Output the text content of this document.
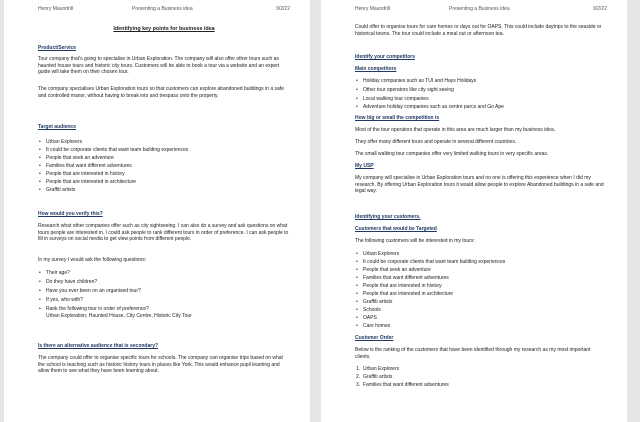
Henry Maundrill	Presenting a Business idea	9/2/22
Identifying key points for business idea
Product/Service
Tour company that's going to specialise in Urban Exploration. The company will also offer other tours such as haunted house tours and historic city tours. Customers will be able to book a tour via a website and an expert guide will take them on their chosen tour.
The company specialises Urban Exploration tours so that customers can explore abandoned buildings in a safe and controlled manor, without having to break into and trespass onto the property.
Target audience
• Urban Explorers
• It could be corporate clients that want team building experiences
• People that seek an adventure
• Families that want different adventures
• People that are interested in history
• People that are interested in architecture
• Graffiti artists
How would you verify this?
Research what other companies offer such as city sightseeing. I can also do a survey and ask questions on what tours people are interested in. I could ask people to rank different tours in order of preference. I can ask people to fill in surveys on social media to get view points from different people.
In my survey I would ask the following questions:
• Their age?
• Do they have children?
• Have you ever been on an organised tour?
• If yes, who with?
• Rank the following tour in order of preference?
Urban Exploration, Haunted House, City Centre, Historic City Tour
Is there an alternative audience that is secondary?
The company could offer to organise specific tours for schools. The company can organise trips based on what the school is teaching such as historic history tours in places like York. This would enhance pupil learning and allow them to see what they have been learning about.
Henry Maundrill	Presenting a Business idea	9/2/22
Could offer to organise tours for care homes or days out for OAPS. This could include daytrips to the seaside or historical towns. The tour could include a meal out or afternoon tea.
Identify your competitors
Main competitors
• Holiday companies such as TUI and Hays Holidays
• Other tour operators like city sight seeing
• Local walking tour companies
• Adventure holiday companies such as centre parcs and Go Ape
How big or small the competition is
Most of the tour operators that operate in this area are much larger than my business idea.
They offer many different tours and operate in several different countries.
The small walking tour companies offer very limited walking tours in very specific areas.
My USP
My company will specialise in Urban Exploration tours and no one is offering this experience when I did my research. By offering Urban Exploration tours it would allow people to explore Abandoned buildings in a safe and legal way.
Identifying your customers.
Customers that would be Targeted
The following customers will be interested in my tours:
• Urban Explorers
• It could be corporate clients that want team building experiences
• People that seek an adventure
• Families that want different adventures
• People that are interested in history
• People that are interested in architecture
• Graffiti artists
• Schools
• OAPS
• Care homes
Customer Order
Below is the ranking of the customers that have been identified through my research as my most important clients.
1. Urban Explorers
2. Graffiti artists
3. Families that want different adventures
